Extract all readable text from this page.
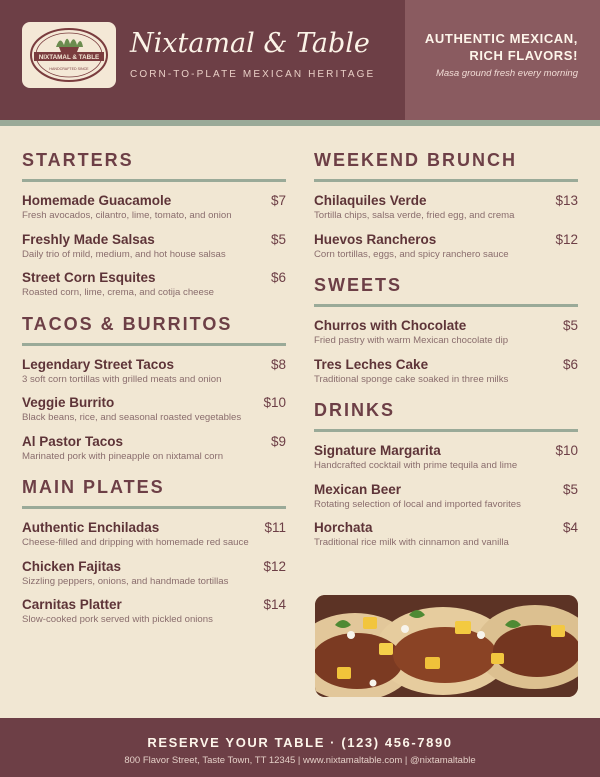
NIXTAMAL & TABLE
HANDCRAFTED SINCE
Nixtamal & Table
CORN-TO-PLATE MEXICAN HERITAGE
AUTHENTIC MEXICAN, RICH FLAVORS!
Masa ground fresh every morning
STARTERS
Homemade Guacamole	$7
Fresh avocados, cilantro, lime, tomato, and onion
Freshly Made Salsas	$5
Daily trio of mild, medium, and hot house salsas
Street Corn Esquites	$6
Roasted corn, lime, crema, and cotija cheese
TACOS & BURRITOS
Legendary Street Tacos	$8
3 soft corn tortillas with grilled meats and onion
Veggie Burrito	$10
Black beans, rice, and seasonal roasted vegetables
Al Pastor Tacos	$9
Marinated pork with pineapple on nixtamal corn
MAIN PLATES
Authentic Enchiladas	$11
Cheese-filled and dripping with homemade red sauce
Chicken Fajitas	$12
Sizzling peppers, onions, and handmade tortillas
Carnitas Platter	$14
Slow-cooked pork served with pickled onions
WEEKEND BRUNCH
Chilaquiles Verde	$13
Tortilla chips, salsa verde, fried egg, and crema
Huevos Rancheros	$12
Corn tortillas, eggs, and spicy ranchero sauce
SWEETS
Churros with Chocolate	$5
Fried pastry with warm Mexican chocolate dip
Tres Leches Cake	$6
Traditional sponge cake soaked in three milks
DRINKS
Signature Margarita	$10
Handcrafted cocktail with prime tequila and lime
Mexican Beer	$5
Rotating selection of local and imported favorites
Horchata	$4
Traditional rice milk with cinnamon and vanilla
RESERVE YOUR TABLE · (123) 456-7890
800 Flavor Street, Taste Town, TT 12345 | www.nixtamaltable.com | @nixtamaltable
